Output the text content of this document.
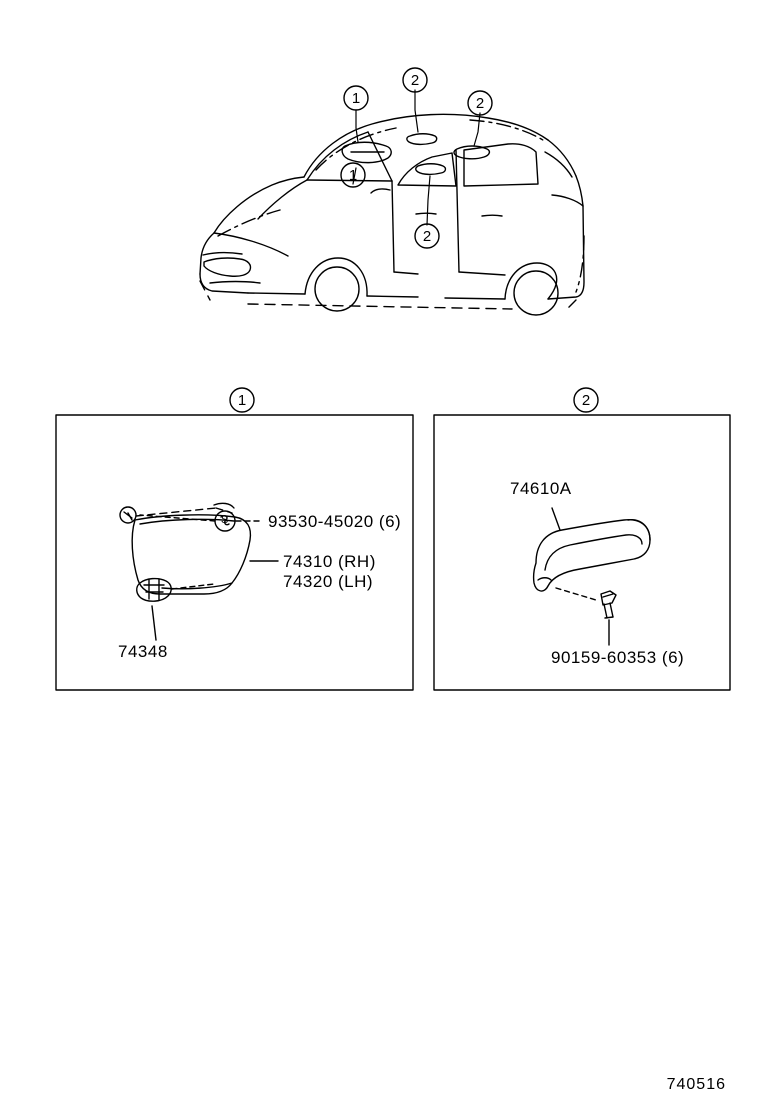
1
2
2
1
2
1	2
93530-45020 (6)
74310 (RH)
74320 (LH)
74348
S
74610A
90159-60353 (6)
740516
